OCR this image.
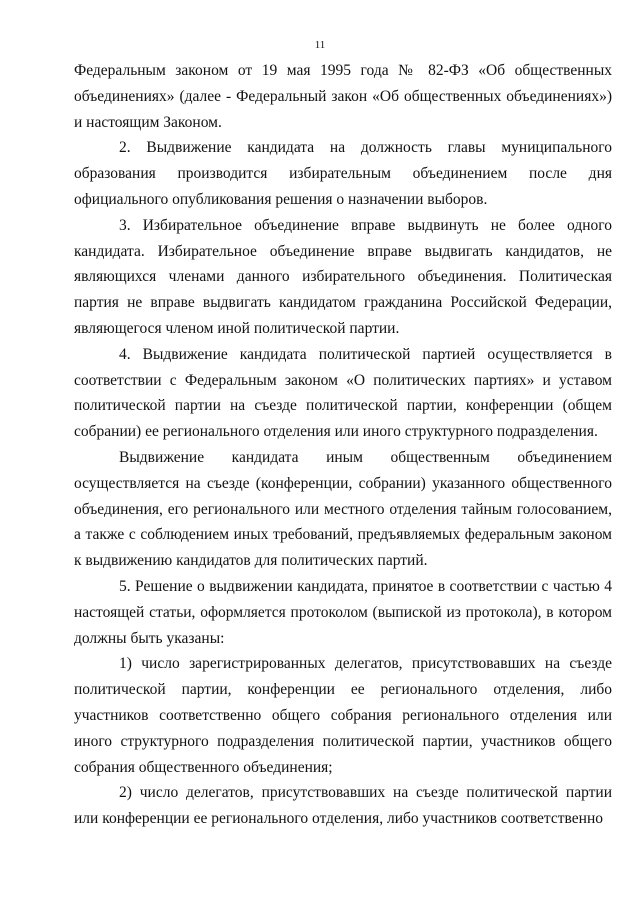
11

Федеральным законом от 19 мая 1995 года № 82-ФЗ «Об общественных объединениях» (далее - Федеральный закон «Об общественных объединениях») и настоящим Законом.

2. Выдвижение кандидата на должность главы муниципального образования производится избирательным объединением после дня официального опубликования решения о назначении выборов.

3. Избирательное объединение вправе выдвинуть не более одного кандидата. Избирательное объединение вправе выдвигать кандидатов, не являющихся членами данного избирательного объединения. Политическая партия не вправе выдвигать кандидатом гражданина Российской Федерации, являющегося членом иной политической партии.

4. Выдвижение кандидата политической партией осуществляется в соответствии с Федеральным законом «О политических партиях» и уставом политической партии на съезде политической партии, конференции (общем собрании) ее регионального отделения или иного структурного подразделения.

Выдвижение кандидата иным общественным объединением осуществляется на съезде (конференции, собрании) указанного общественного объединения, его регионального или местного отделения тайным голосованием, а также с соблюдением иных требований, предъявляемых федеральным законом к выдвижению кандидатов для политических партий.

5. Решение о выдвижении кандидата, принятое в соответствии с частью 4 настоящей статьи, оформляется протоколом (выпиской из протокола), в котором должны быть указаны:

1) число зарегистрированных делегатов, присутствовавших на съезде политической партии, конференции ее регионального отделения, либо участников соответственно общего собрания регионального отделения или иного структурного подразделения политической партии, участников общего собрания общественного объединения;

2) число делегатов, присутствовавших на съезде политической партии или конференции ее регионального отделения, либо участников соответственно
